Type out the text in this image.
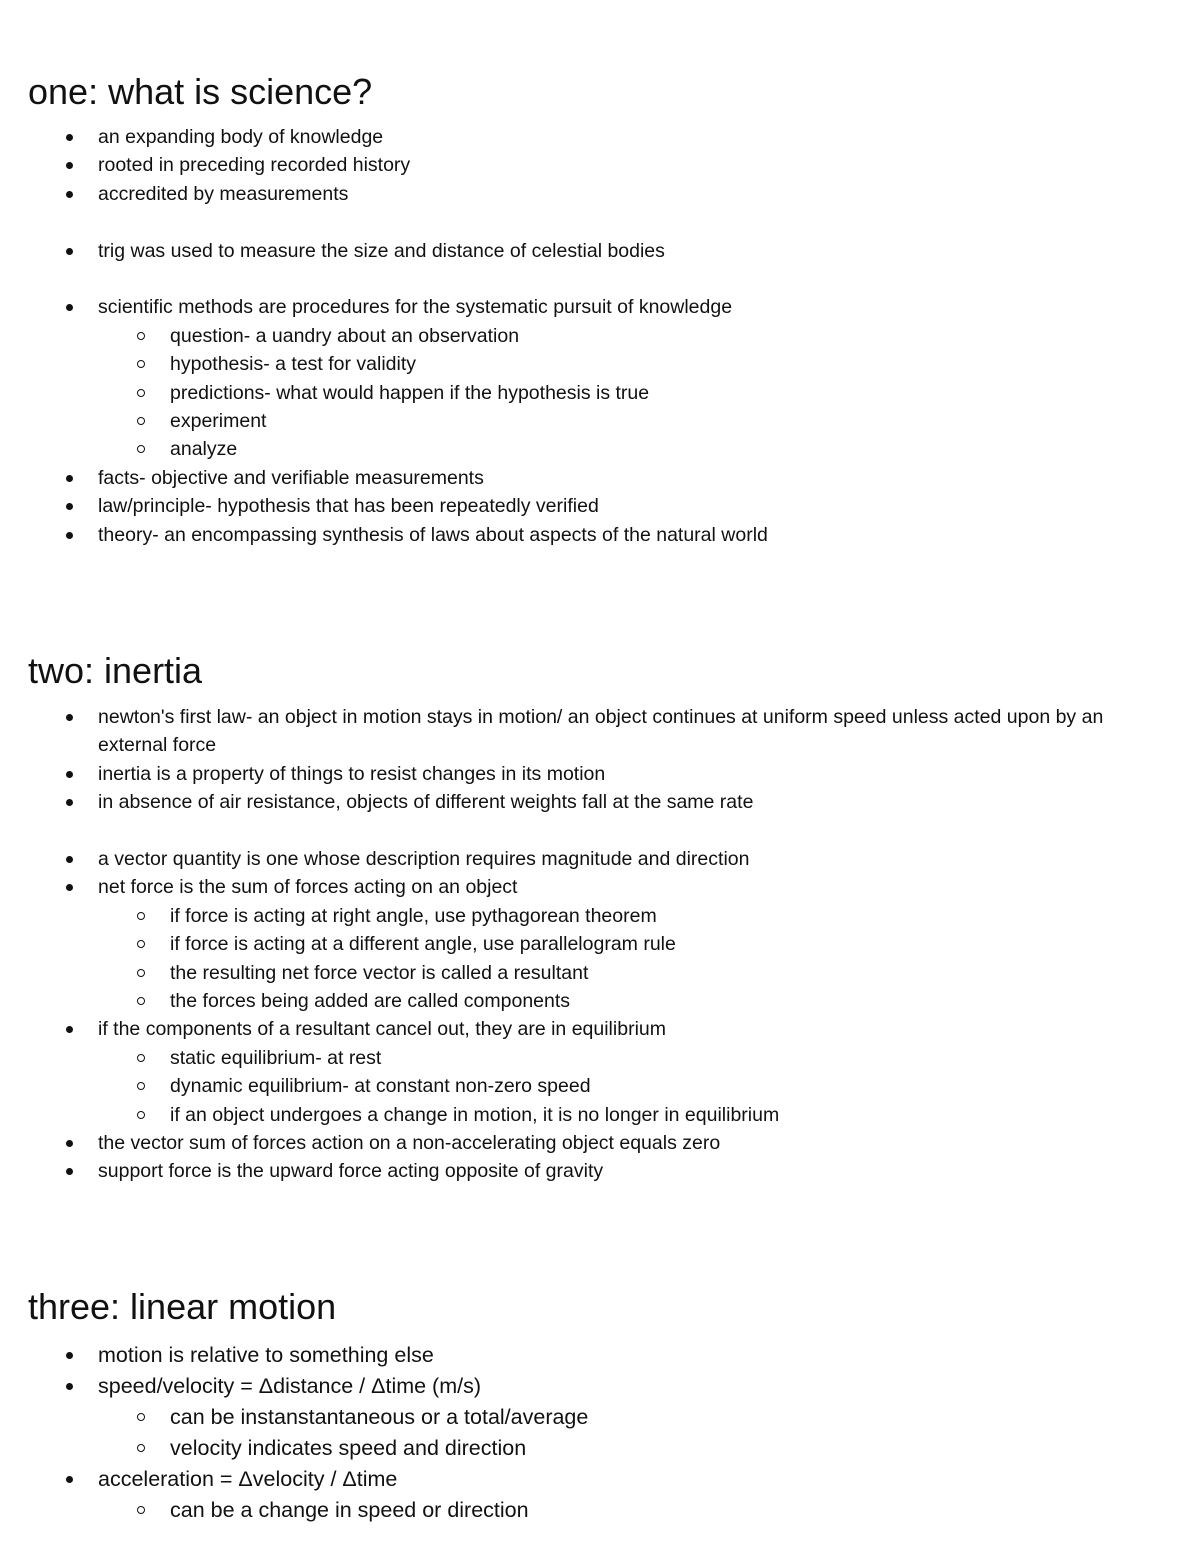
one: what is science?
an expanding body of knowledge
rooted in preceding recorded history
accredited by measurements
trig was used to measure the size and distance of celestial bodies
scientific methods are procedures for the systematic pursuit of knowledge
question- a uandry about an observation
hypothesis- a test for validity
predictions- what would happen if the hypothesis is true
experiment
analyze
facts- objective and verifiable measurements
law/principle- hypothesis that has been repeatedly verified
theory- an encompassing synthesis of laws about aspects of the natural world
two: inertia
newton's first law- an object in motion stays in motion/ an object continues at uniform speed unless acted upon by an external force
inertia is a property of things to resist changes in its motion
in absence of air resistance, objects of different weights fall at the same rate
a vector quantity is one whose description requires magnitude and direction
net force is the sum of forces acting on an object
if force is acting at right angle, use pythagorean theorem
if force is acting at a different angle, use parallelogram rule
the resulting net force vector is called a resultant
the forces being added are called components
if the components of a resultant cancel out, they are in equilibrium
static equilibrium- at rest
dynamic equilibrium- at constant non-zero speed
if an object undergoes a change in motion, it is no longer in equilibrium
the vector sum of forces action on a non-accelerating object equals zero
support force is the upward force acting opposite of gravity
three: linear motion
motion is relative to something else
speed/velocity = Δdistance / Δtime (m/s)
can be instanstantaneous or a total/average
velocity indicates speed and direction
acceleration = Δvelocity / Δtime
can be a change in speed or direction
